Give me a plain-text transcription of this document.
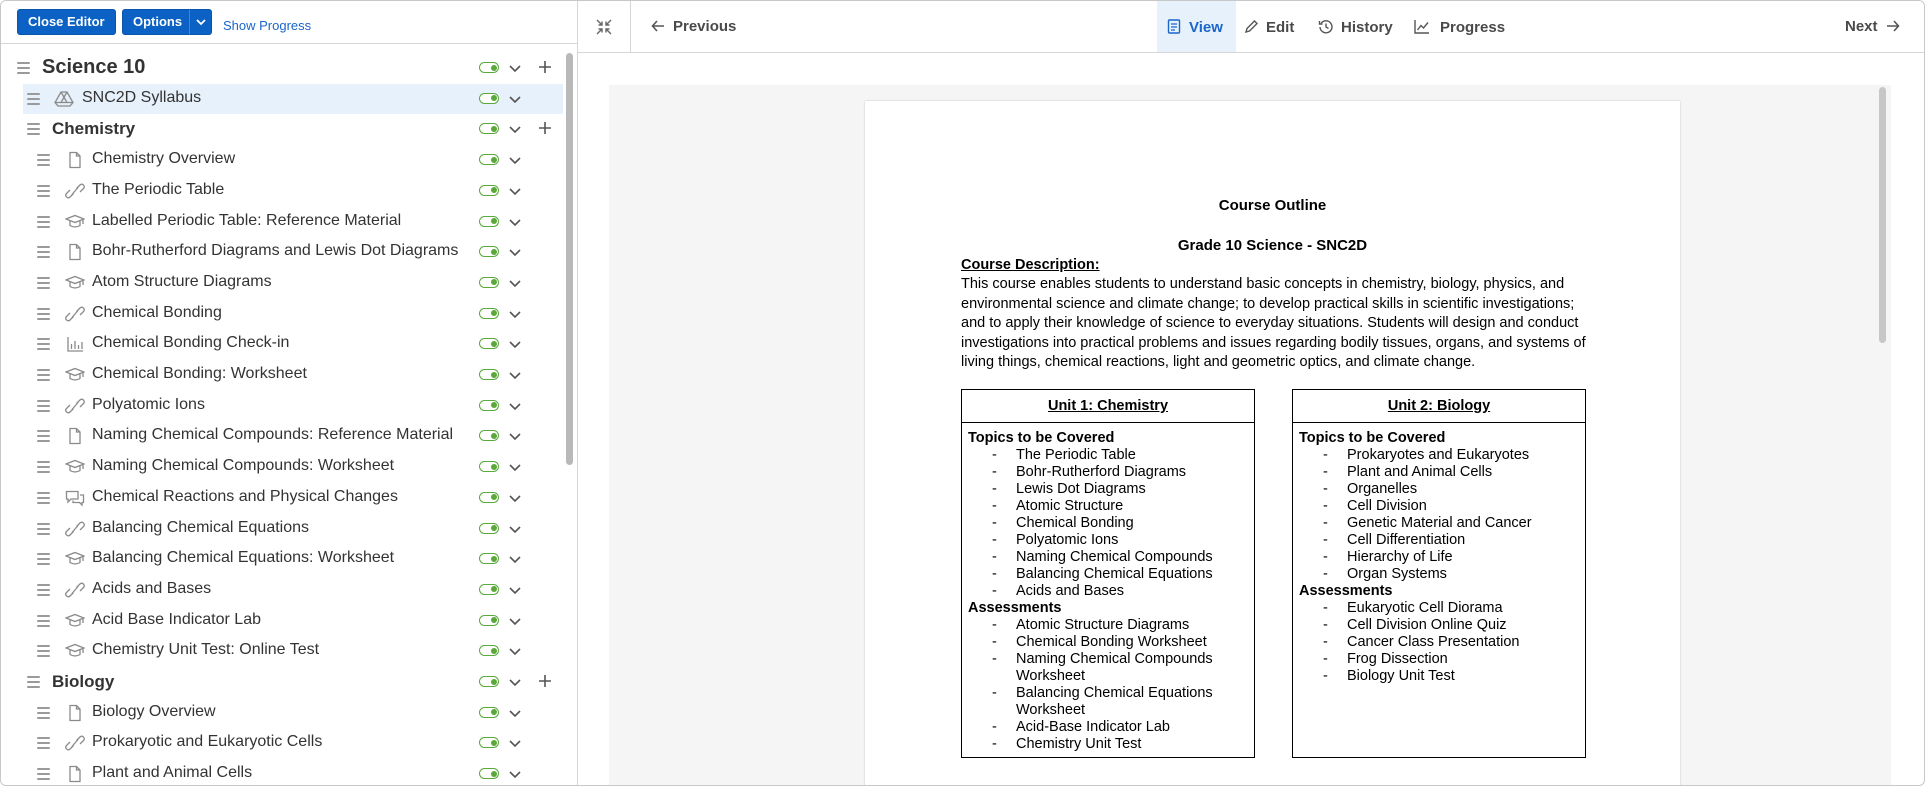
Close Editor	Options	Show Progress
Science 10
SNC2D Syllabus
Chemistry
Chemistry Overview
The Periodic Table
Labelled Periodic Table: Reference Material
Bohr-Rutherford Diagrams and Lewis Dot Diagrams
Atom Structure Diagrams
Chemical Bonding
Chemical Bonding Check-in
Chemical Bonding: Worksheet
Polyatomic Ions
Naming Chemical Compounds: Reference Material
Naming Chemical Compounds: Worksheet
Chemical Reactions and Physical Changes
Balancing Chemical Equations
Balancing Chemical Equations: Worksheet
Acids and Bases
Acid Base Indicator Lab
Chemistry Unit Test: Online Test
Biology
Biology Overview
Prokaryotic and Eukaryotic Cells
Plant and Animal Cells
Previous	View	Edit	History	Progress	Next
Course Outline
Grade 10 Science - SNC2D
Course Description:
This course enables students to understand basic concepts in chemistry, biology, physics, and environmental science and climate change; to develop practical skills in scientific investigations; and to apply their knowledge of science to everyday situations. Students will design and conduct investigations into practical problems and issues regarding bodily tissues, organs, and systems of living things, chemical reactions, light and geometric optics, and climate change.
Unit 1: Chemistry
Topics to be Covered
- The Periodic Table
- Bohr-Rutherford Diagrams
- Lewis Dot Diagrams
- Atomic Structure
- Chemical Bonding
- Polyatomic Ions
- Naming Chemical Compounds
- Balancing Chemical Equations
- Acids and Bases
Assessments
- Atomic Structure Diagrams
- Chemical Bonding Worksheet
- Naming Chemical Compounds Worksheet
- Balancing Chemical Equations Worksheet
- Acid-Base Indicator Lab
- Chemistry Unit Test
Unit 2: Biology
Topics to be Covered
- Prokaryotes and Eukaryotes
- Plant and Animal Cells
- Organelles
- Cell Division
- Genetic Material and Cancer
- Cell Differentiation
- Hierarchy of Life
- Organ Systems
Assessments
- Eukaryotic Cell Diorama
- Cell Division Online Quiz
- Cancer Class Presentation
- Frog Dissection
- Biology Unit Test
